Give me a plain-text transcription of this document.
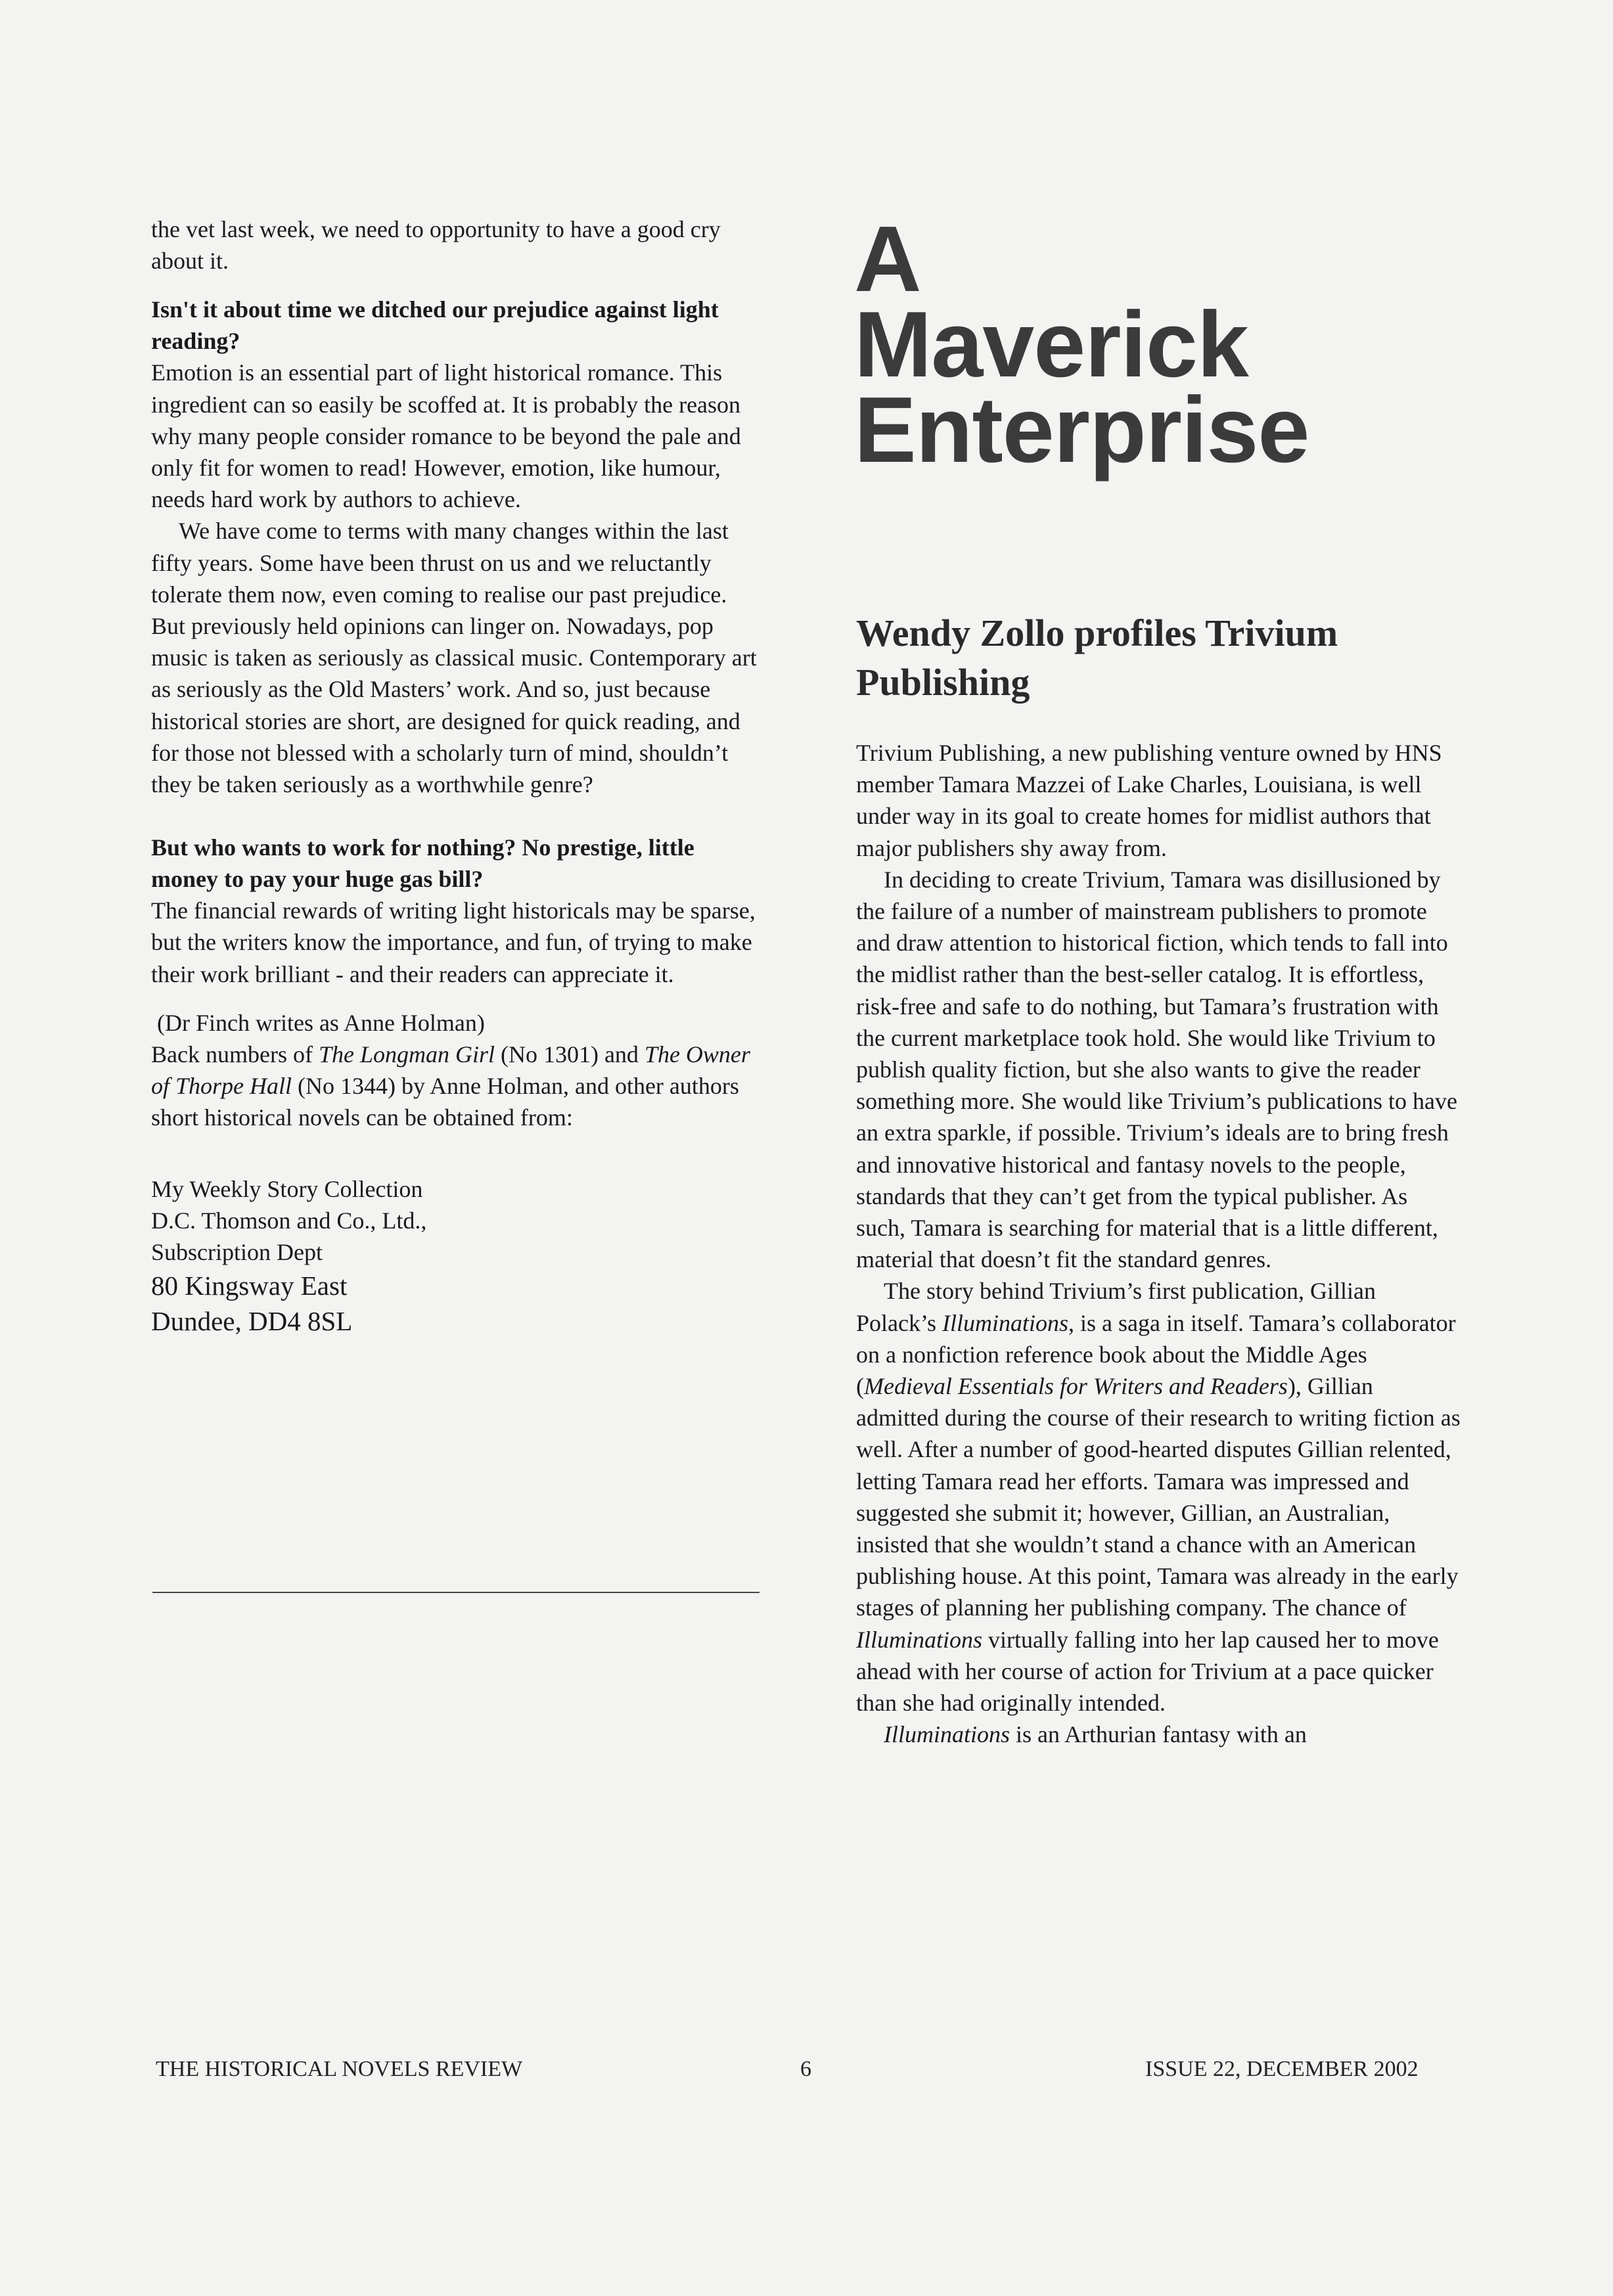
the vet last week, we need to opportunity to have a good cry about it.

Isn't it about time we ditched our prejudice against light reading?

Emotion is an essential part of light historical romance. This ingredient can so easily be scoffed at. It is probably the reason why many people consider romance to be beyond the pale and only fit for women to read! However, emotion, like humour, needs hard work by authors to achieve.

We have come to terms with many changes within the last fifty years. Some have been thrust on us and we reluctantly tolerate them now, even coming to realise our past prejudice. But previously held opinions can linger on. Nowadays, pop music is taken as seriously as classical music. Contemporary art as seriously as the Old Masters’ work. And so, just because historical stories are short, are designed for quick reading, and for those not blessed with a scholarly turn of mind, shouldn’t they be taken seriously as a worthwhile genre?

But who wants to work for nothing? No prestige, little money to pay your huge gas bill?

The financial rewards of writing light historicals may be sparse, but the writers know the importance, and fun, of trying to make their work brilliant - and their readers can appreciate it.

(Dr Finch writes as Anne Holman)

Back numbers of The Longman Girl (No 1301) and The Owner of Thorpe Hall (No 1344) by Anne Holman, and other authors short historical novels can be obtained from:

My Weekly Story Collection

D.C. Thomson and Co., Ltd.,

Subscription Dept

80 Kingsway East

Dundee, DD4 8SL

A
Maverick
Enterprise
Wendy Zollo profiles Trivium Publishing

Trivium Publishing, a new publishing venture owned by HNS member Tamara Mazzei of Lake Charles, Louisiana, is well under way in its goal to create homes for midlist authors that major publishers shy away from.

In deciding to create Trivium, Tamara was disillusioned by the failure of a number of mainstream publishers to promote and draw attention to historical fiction, which tends to fall into the midlist rather than the best-seller catalog. It is effortless, risk-free and safe to do nothing, but Tamara’s frustration with the current marketplace took hold. She would like Trivium to publish quality fiction, but she also wants to give the reader something more. She would like Trivium’s publications to have an extra sparkle, if possible. Trivium’s ideals are to bring fresh and innovative historical and fantasy novels to the people, standards that they can’t get from the typical publisher. As such, Tamara is searching for material that is a little different, material that doesn’t fit the standard genres.

The story behind Trivium’s first publication, Gillian Polack’s Illuminations, is a saga in itself. Tamara’s collaborator on a nonfiction reference book about the Middle Ages (Medieval Essentials for Writers and Readers), Gillian admitted during the course of their research to writing fiction as well. After a number of good-hearted disputes Gillian relented, letting Tamara read her efforts. Tamara was impressed and suggested she submit it; however, Gillian, an Australian, insisted that she wouldn’t stand a chance with an American publishing house. At this point, Tamara was already in the early stages of planning her publishing company. The chance of Illuminations virtually falling into her lap caused her to move ahead with her course of action for Trivium at a pace quicker than she had originally intended.

Illuminations is an Arthurian fantasy with an

THE HISTORICAL NOVELS REVIEW	6	ISSUE 22, DECEMBER 2002
